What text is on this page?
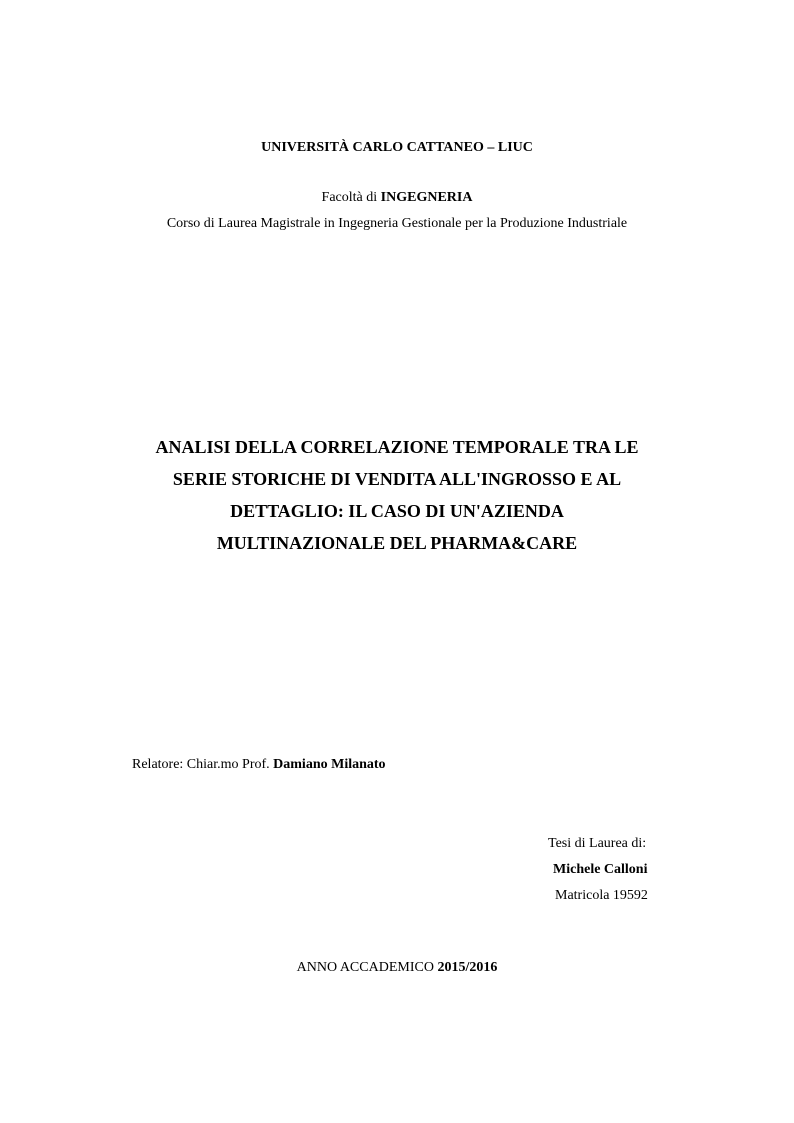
UNIVERSITÀ CARLO CATTANEO – LIUC
Facoltà di INGEGNERIA
Corso di Laurea Magistrale in Ingegneria Gestionale per la Produzione Industriale
ANALISI DELLA CORRELAZIONE TEMPORALE TRA LE
SERIE STORICHE DI VENDITA ALL'INGROSSO E AL
DETTAGLIO: IL CASO DI UN'AZIENDA
MULTINAZIONALE DEL PHARMA&CARE
Relatore: Chiar.mo Prof. Damiano Milanato
Tesi di Laurea di:
Michele Calloni
Matricola 19592
ANNO ACCADEMICO 2015/2016
